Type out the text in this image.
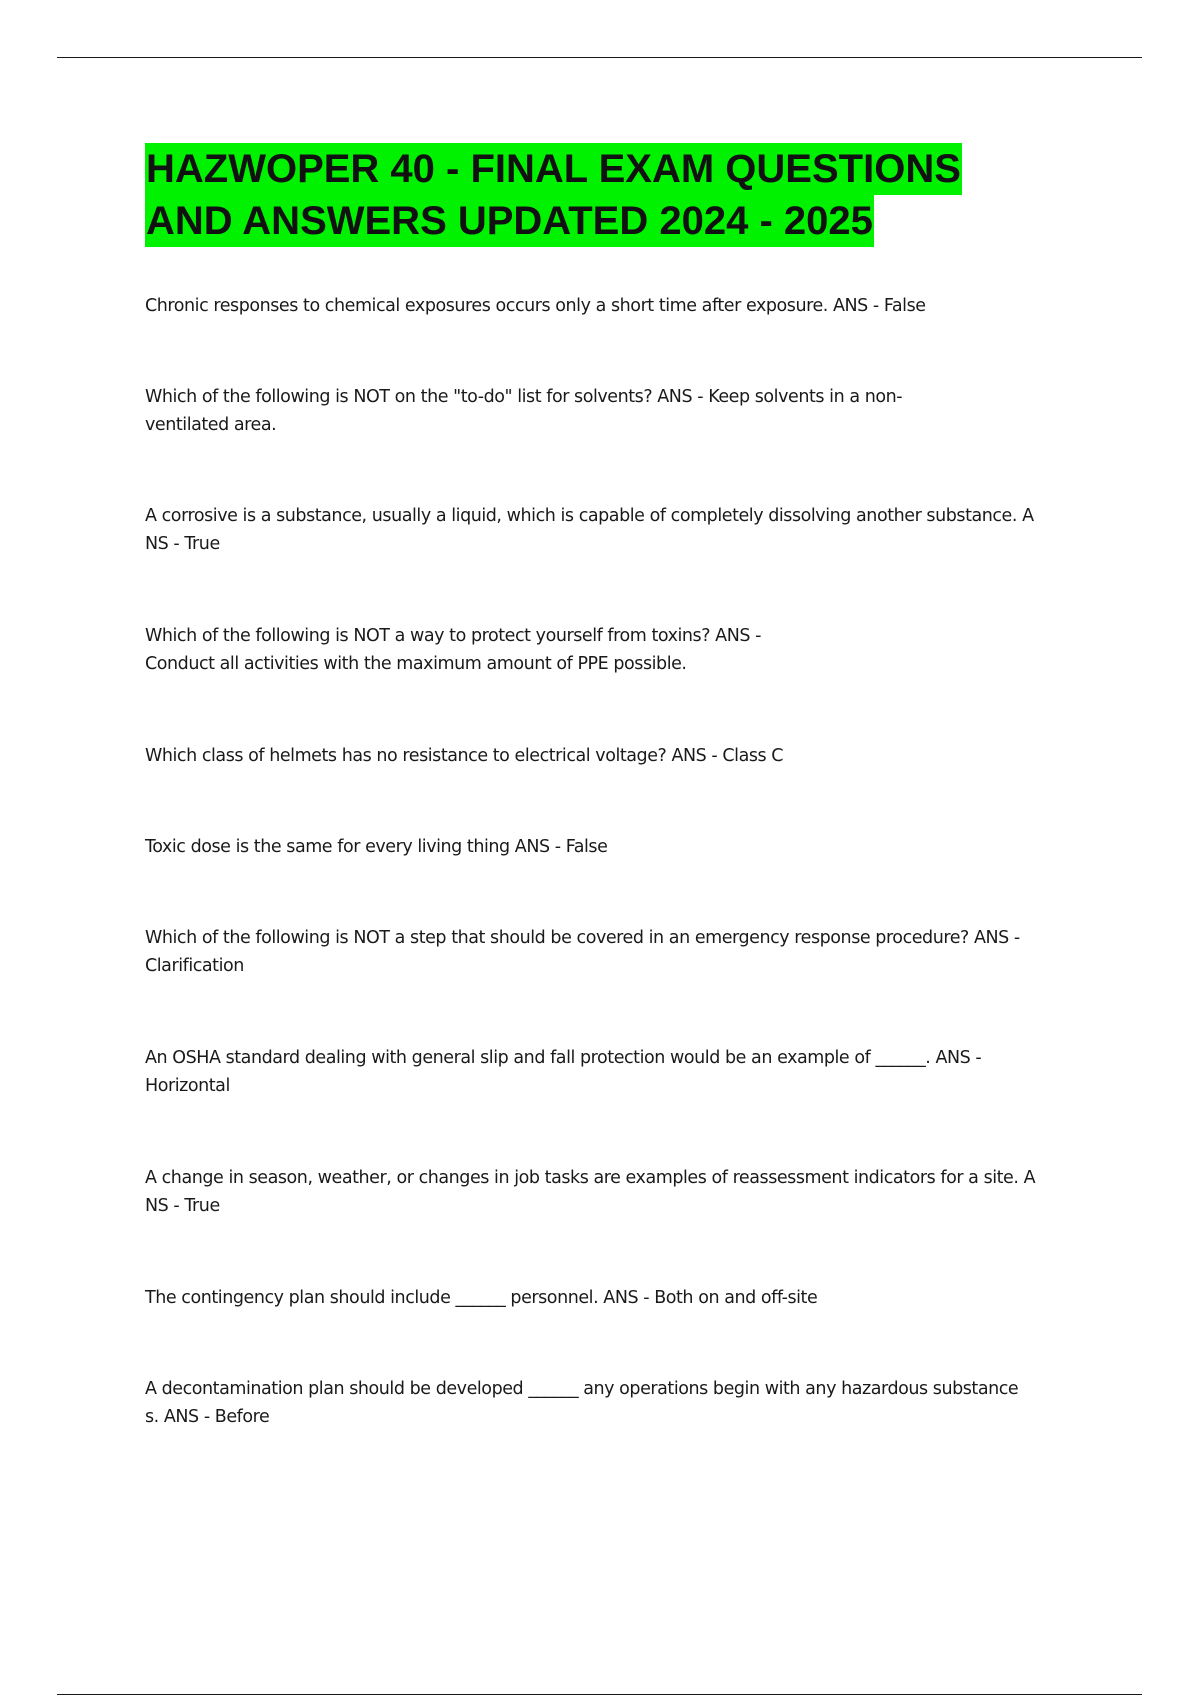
HAZWOPER 40 - FINAL EXAM QUESTIONS
AND ANSWERS UPDATED 2024 - 2025

Chronic responses to chemical exposures occurs only a short time after exposure. ANS - False

Which of the following is NOT on the "to-do" list for solvents? ANS - Keep solvents in a non-
ventilated area.

A corrosive is a substance, usually a liquid, which is capable of completely dissolving another substance. A
NS - True

Which of the following is NOT a way to protect yourself from toxins? ANS -
Conduct all activities with the maximum amount of PPE possible.

Which class of helmets has no resistance to electrical voltage? ANS - Class C

Toxic dose is the same for every living thing ANS - False

Which of the following is NOT a step that should be covered in an emergency response procedure? ANS -
Clarification

An OSHA standard dealing with general slip and fall protection would be an example of ______. ANS -
Horizontal

A change in season, weather, or changes in job tasks are examples of reassessment indicators for a site. A
NS - True

The contingency plan should include ______ personnel. ANS - Both on and off-site

A decontamination plan should be developed ______ any operations begin with any hazardous substance
s. ANS - Before
